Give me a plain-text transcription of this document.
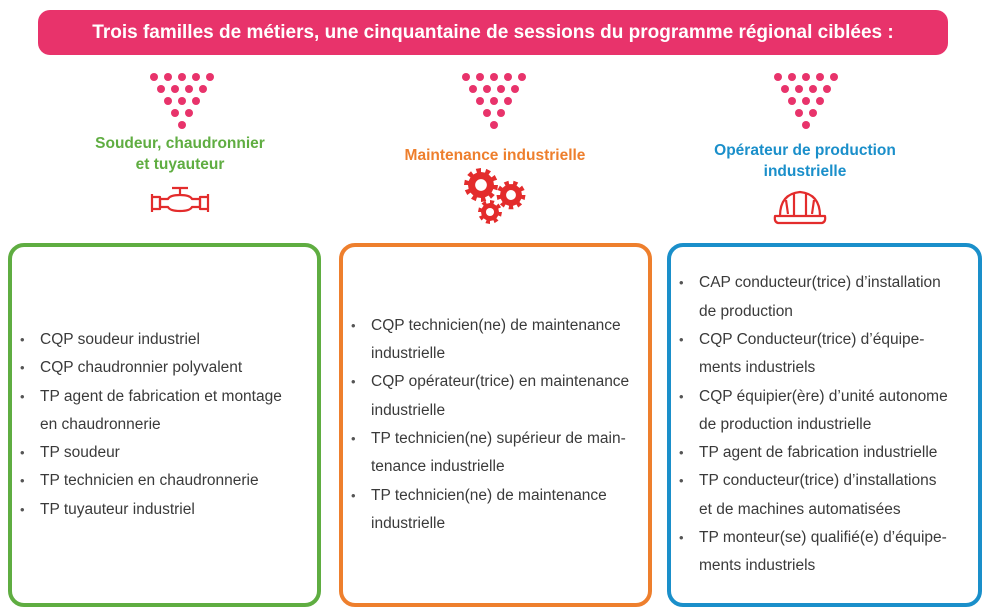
Trois familles de métiers, une cinquantaine de sessions du programme régional ciblées :
Soudeur, chaudronnier
et tuyauteur
• CQP soudeur industriel
• CQP chaudronnier polyvalent
• TP agent de fabrication et montage
en chaudronnerie
• TP soudeur
• TP technicien en chaudronnerie
• TP tuyauteur industriel
Maintenance industrielle
• CQP technicien(ne) de maintenance
industrielle
• CQP opérateur(trice) en maintenance
industrielle
• TP technicien(ne) supérieur de main-
tenance industrielle
• TP technicien(ne) de maintenance
industrielle
Opérateur de production
industrielle
• CAP conducteur(trice) d’installation
de production
• CQP Conducteur(trice) d’équipe-
ments industriels
• CQP équipier(ère) d’unité autonome
de production industrielle
• TP agent de fabrication industrielle
• TP conducteur(trice) d’installations
et de machines automatisées
• TP monteur(se) qualifié(e) d’équipe-
ments industriels
